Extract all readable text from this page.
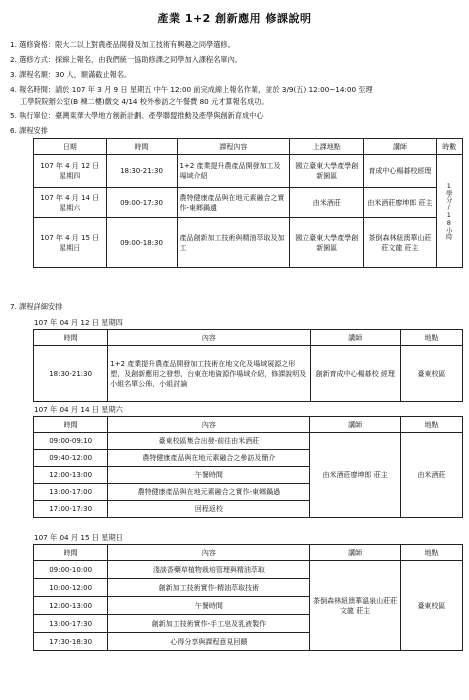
產業 1+2 創新應用 修課說明
1. 選修資格：限大二以上對農產品開發及加工技術有興趣之同學選修。
2. 選修方式：採線上報名，由我們統一協助修課之同學加入課程名單內。
3. 課程名額：30 人，額滿截止報名。
4. 報名時間：請於 107 年 3 月 9 日 星期五 中午 12:00 前完成線上報名作業，並於 3/9(五) 12:00~14:00 至理
工學院院辦公室(B 棟二樓)繳交 4/14 校外參訪之午餐費 80 元才算報名成功。
5. 執行單位：臺灣東華大學地方創新計劃、產學聯盟推動及產學與創新育成中心
6. 課程安排
日期	時間	課程內容	上課地點	講師	時數

107 年 4 月 12 日
星期四	18:30-21:30	1+2 產業提升農產品開發加工及場域介紹	國立臺東大學產學創新園區	育成中心楊碁校經理	1學分/18小時

107 年 4 月 14 日
星期六	09:00-17:30	農特健康產品與在地元素融合之實作-東鄉鍋遺	由米酒莊	由米酒莊廖坤郎 莊主	

107 年 4 月 15 日
星期日	09:00-18:30	產品創新加工技術與精油萃取及加工	國立臺東大學產學創新園區	茶倒森林紐澳華山莊莊文龍 莊主	
7. 課程詳細安排
107 年 04 月 12 日 星期四
時間	內容	講師	地點
18:30-21:30	1+2 產業提升農產品開發加工技術在地文化及場域展源之形塑，及創新應用之發想，台東在地資源作場域介紹，修課說明及小組名單公佈，小組討論	創新育成中心楊碁校 經理	臺東校區
107 年 04 月 14 日 星期六
時間	內容	講師	地點
09:00-09:10	臺東校區集合出發-前往由米酒莊	由米酒莊廖坤郎 莊主	由米酒莊
09:40-12:00	農特健康產品與在地元素融合之參訪及簡介		
12:00-13:00	午餐時間		
13:00-17:00	農特健康產品與在地元素融合之實作-東鄉鍋過		
17:00-17:30	回程返校		
107 年 04 月 15 日 星期日
時間	內容	講師	地點
09:00-10:00	淺談香藥草植物栽培管理與精油萃取	茶倒森林紐澳華溫泉山莊莊文龍 莊主	臺東校區
10:00-12:00	創新加工技術實作-精油萃取技術		
12:00-13:00	午餐時間		
13:00-17:30	創新加工技術實作-手工皂及乳液製作		
17:30-18:30	心得分享與課程意見回饋		
